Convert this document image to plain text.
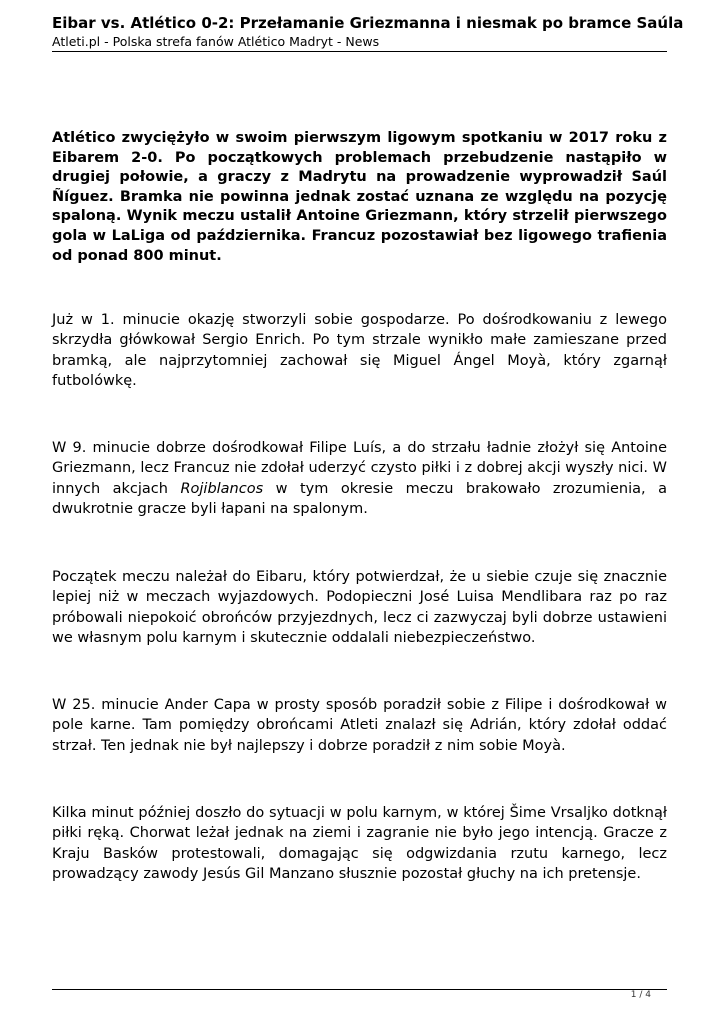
Eibar vs. Atlético 0-2: Przełamanie Griezmanna i niesmak po bramce Saúla
Atleti.pl - Polska strefa fanów Atlético Madryt - News
Atlético zwyciężyło w swoim pierwszym ligowym spotkaniu w 2017 roku z Eibarem 2-0. Po początkowych problemach przebudzenie nastąpiło w drugiej połowie, a graczy z Madrytu na prowadzenie wyprowadził Saúl Ñíguez. Bramka nie powinna jednak zostać uznana ze względu na pozycję spaloną. Wynik meczu ustalił Antoine Griezmann, który strzelił pierwszego gola w LaLiga od października. Francuz pozostawiał bez ligowego trafienia od ponad 800 minut.
Już w 1. minucie okazję stworzyli sobie gospodarze. Po dośrodkowaniu z lewego skrzydła główkował Sergio Enrich. Po tym strzale wynikło małe zamieszane przed bramką, ale najprzytomniej zachował się Miguel Ángel Moyà, który zgarnął futbolówkę.
W 9. minucie dobrze dośrodkował Filipe Luís, a do strzału ładnie złożył się Antoine Griezmann, lecz Francuz nie zdołał uderzyć czysto piłki i z dobrej akcji wyszły nici. W innych akcjach Rojiblancos w tym okresie meczu brakowało zrozumienia, a dwukrotnie gracze byli łapani na spalonym.
Początek meczu należał do Eibaru, który potwierdzał, że u siebie czuje się znacznie lepiej niż w meczach wyjazdowych. Podopieczni José Luisa Mendlibara raz po raz próbowali niepokoić obrońców przyjezdnych, lecz ci zazwyczaj byli dobrze ustawieni we własnym polu karnym i skutecznie oddalali niebezpieczeństwo.
W 25. minucie Ander Capa w prosty sposób poradził sobie z Filipe i dośrodkował w pole karne. Tam pomiędzy obrońcami Atleti znalazł się Adrián, który zdołał oddać strzał. Ten jednak nie był najlepszy i dobrze poradził z nim sobie Moyà.
Kilka minut później doszło do sytuacji w polu karnym, w której Šime Vrsaljko dotknął piłki ręką. Chorwat leżał jednak na ziemi i zagranie nie było jego intencją. Gracze z Kraju Basków protestowali, domagając się odgwizdania rzutu karnego, lecz prowadzący zawody Jesús Gil Manzano słusznie pozostał głuchy na ich pretensje.
1 / 4
